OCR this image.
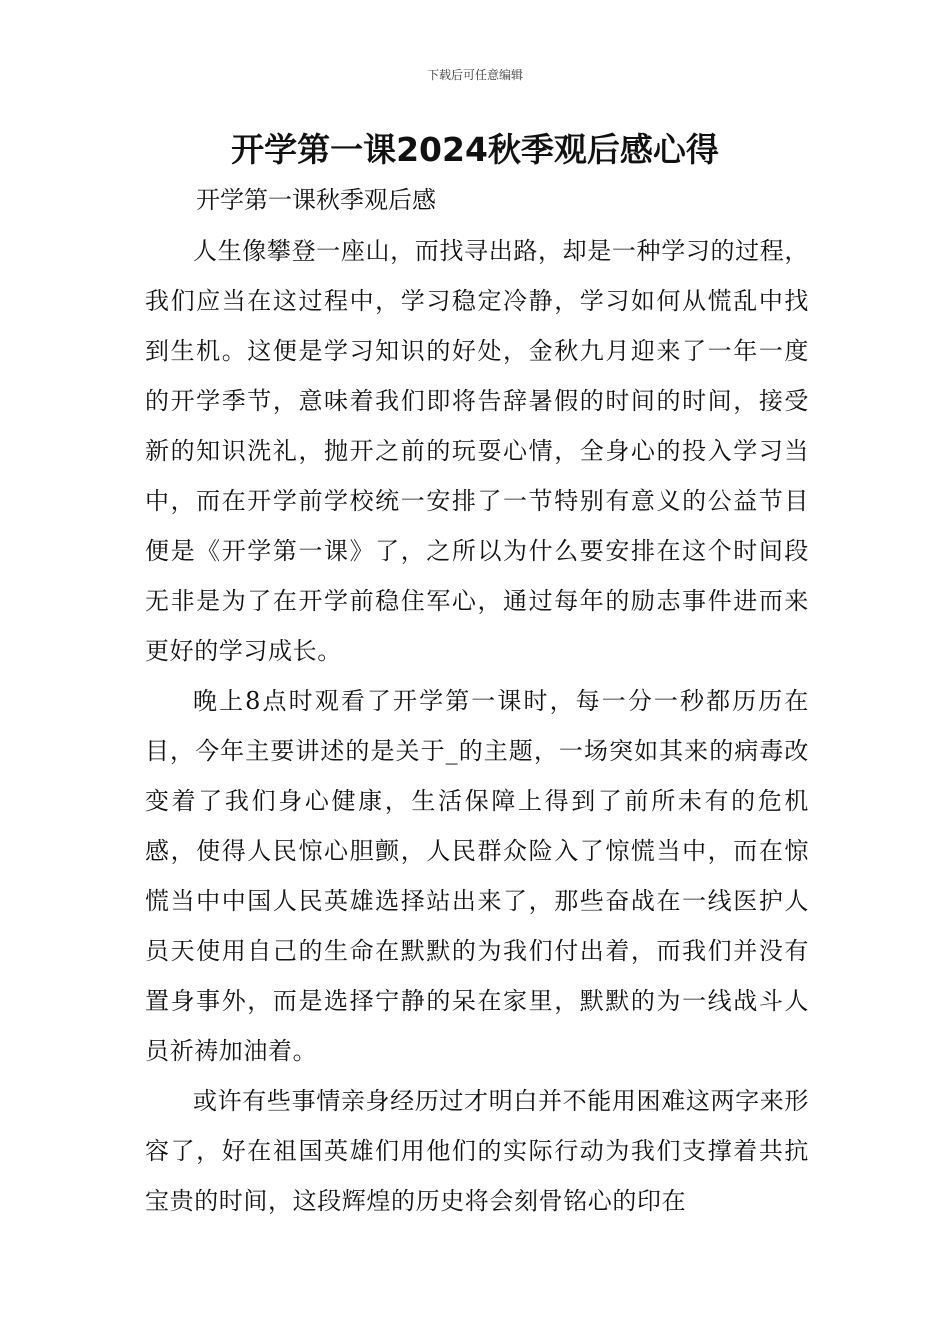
下载后可任意编辑
开学第一课2024秋季观后感心得

开学第一课秋季观后感

人生像攀登一座山，而找寻出路，却是一种学习的过程，我们应当在这过程中，学习稳定冷静，学习如何从慌乱中找到生机。这便是学习知识的好处，金秋九月迎来了一年一度的开学季节，意味着我们即将告辞暑假的时间的时间，接受新的知识洗礼，抛开之前的玩耍心情，全身心的投入学习当中，而在开学前学校统一安排了一节特别有意义的公益节目便是《开学第一课》了，之所以为什么要安排在这个时间段无非是为了在开学前稳住军心，通过每年的励志事件进而来更好的学习成长。

晚上8点时观看了开学第一课时，每一分一秒都历历在目，今年主要讲述的是关于_的主题，一场突如其来的病毒改变着了我们身心健康，生活保障上得到了前所未有的危机感，使得人民惊心胆颤，人民群众险入了惊慌当中，而在惊慌当中中国人民英雄选择站出来了，那些奋战在一线医护人员天使用自己的生命在默默的为我们付出着，而我们并没有置身事外，而是选择宁静的呆在家里，默默的为一线战斗人员祈祷加油着。

或许有些事情亲身经历过才明白并不能用困难这两字来形容了，好在祖国英雄们用他们的实际行动为我们支撑着共抗宝贵的时间，这段辉煌的历史将会刻骨铭心的印在
